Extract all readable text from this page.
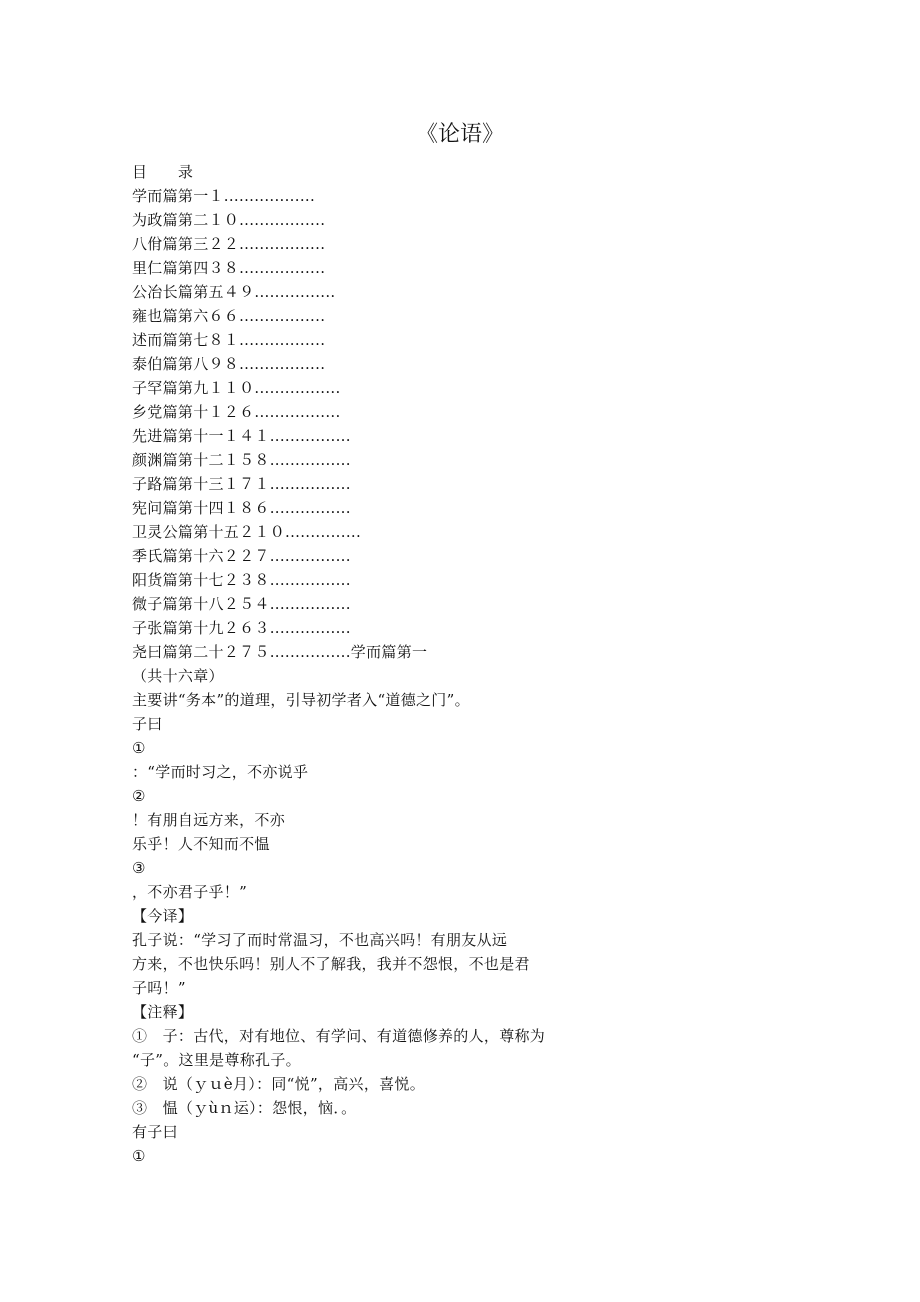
《论语》
目　　录
学而篇第一１..................
为政篇第二１０.................
八佾篇第三２２.................
里仁篇第四３８.................
公冶长篇第五４９................
雍也篇第六６６.................
述而篇第七８１.................
泰伯篇第八９８.................
子罕篇第九１１０.................
乡党篇第十１２６.................
先进篇第十一１４１................
颜渊篇第十二１５８................
子路篇第十三１７１................
宪问篇第十四１８６................
卫灵公篇第十五２１０...............
季氏篇第十六２２７................
阳货篇第十七２３８................
微子篇第十八２５４................
子张篇第十九２６３................
尧曰篇第二十２７５................学而篇第一
（共十六章）
主要讲“务本”的道理，引导初学者入“道德之门”。
子曰
①
：“学而时习之，不亦说乎
②
！有朋自远方来，不亦
乐乎！人不知而不愠
③
，不亦君子乎！”
【今译】
孔子说：“学习了而时常温习，不也高兴吗！有朋友从远
方来，不也快乐吗！别人不了解我，我并不怨恨，不也是君
子吗！”
【注释】
①　子：古代，对有地位、有学问、有道德修养的人，尊称为
“子”。这里是尊称孔子。
②　说（ｙｕè月）：同“悦”，高兴，喜悦。
③　愠（ｙùｎ运）：怨恨，恼．。
有子曰
①
